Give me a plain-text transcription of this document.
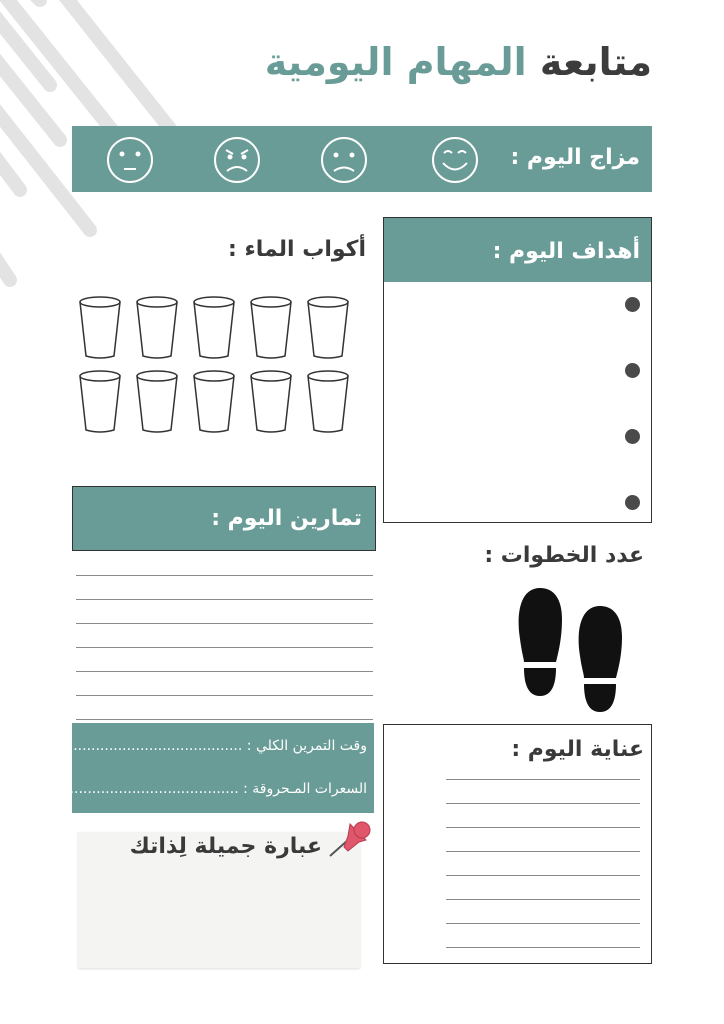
متابعة المهام اليومية
مزاج اليوم :
أكواب الماء :	أهداف اليوم :
تمارين اليوم :
وقت التمرين الكلي : ..........................................
السعرات المـحروقة : ..........................................
عدد الخطوات :
عناية اليوم :
عبارة جميلة لِذاتك
